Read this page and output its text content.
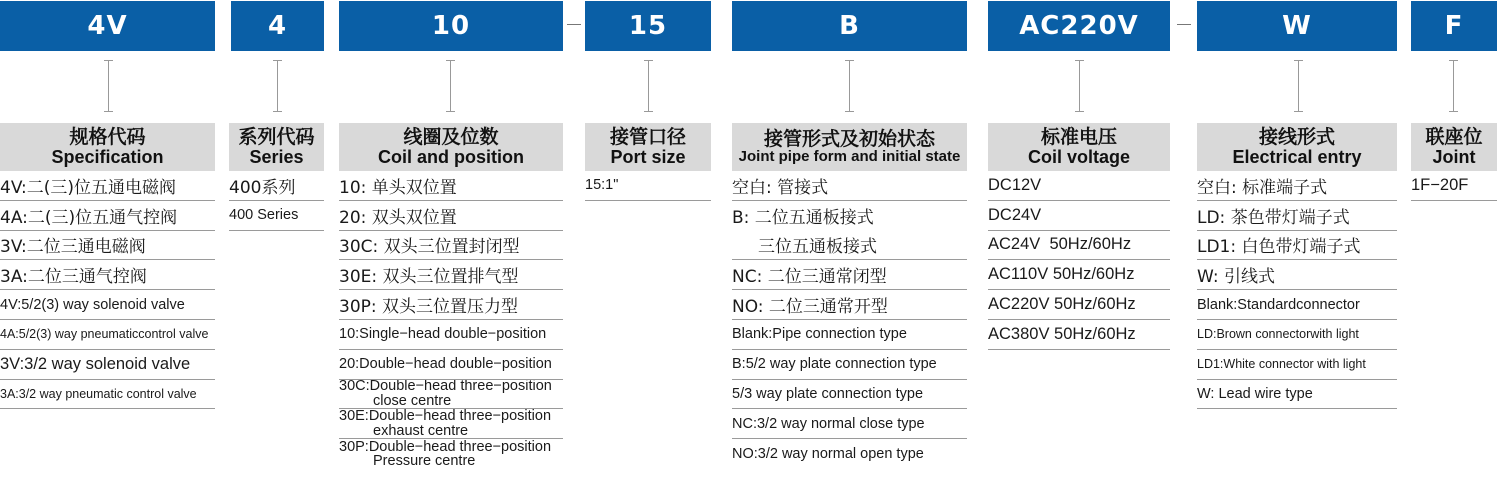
4V	4	10	15	B	AC220V	W	F
规格代码
Specification
4V:二(三)位五通电磁阀
4A:二(三)位五通气控阀
3V:二位三通电磁阀
3A:二位三通气控阀
4V:5/2(3) way solenoid valve
4A:5/2(3) way pneumaticcontrol valve
3V:3/2 way solenoid valve
3A:3/2 way pneumatic control valve
系列代码
Series
400系列
400 Series
线圈及位数
Coil and position
10: 单头双位置
20: 双头双位置
30C: 双头三位置封闭型
30E: 双头三位置排气型
30P: 双头三位置压力型
10:Single−head double−position
20:Double−head double−position
30C:Double−head three−position
close centre
30E:Double−head three−position
exhaust centre
30P:Double−head three−position
Pressure centre
接管口径
Port size
15:1"
接管形式及初始状态
Joint pipe form and initial state
空白: 管接式
B: 二位五通板接式
三位五通板接式
NC: 二位三通常闭型
NO: 二位三通常开型
Blank:Pipe connection type
B:5/2 way plate connection type
5/3 way plate connection type
NC:3/2 way normal close type
NO:3/2 way normal open type
标准电压
Coil voltage
DC12V
DC24V
AC24V  50Hz/60Hz
AC110V 50Hz/60Hz
AC220V 50Hz/60Hz
AC380V 50Hz/60Hz
接线形式
Electrical entry
空白: 标准端子式
LD: 茶色带灯端子式
LD1: 白色带灯端子式
W: 引线式
Blank:Standardconnector
LD:Brown connectorwith light
LD1:White connector with light
W: Lead wire type
联座位
Joint
1F−20F
